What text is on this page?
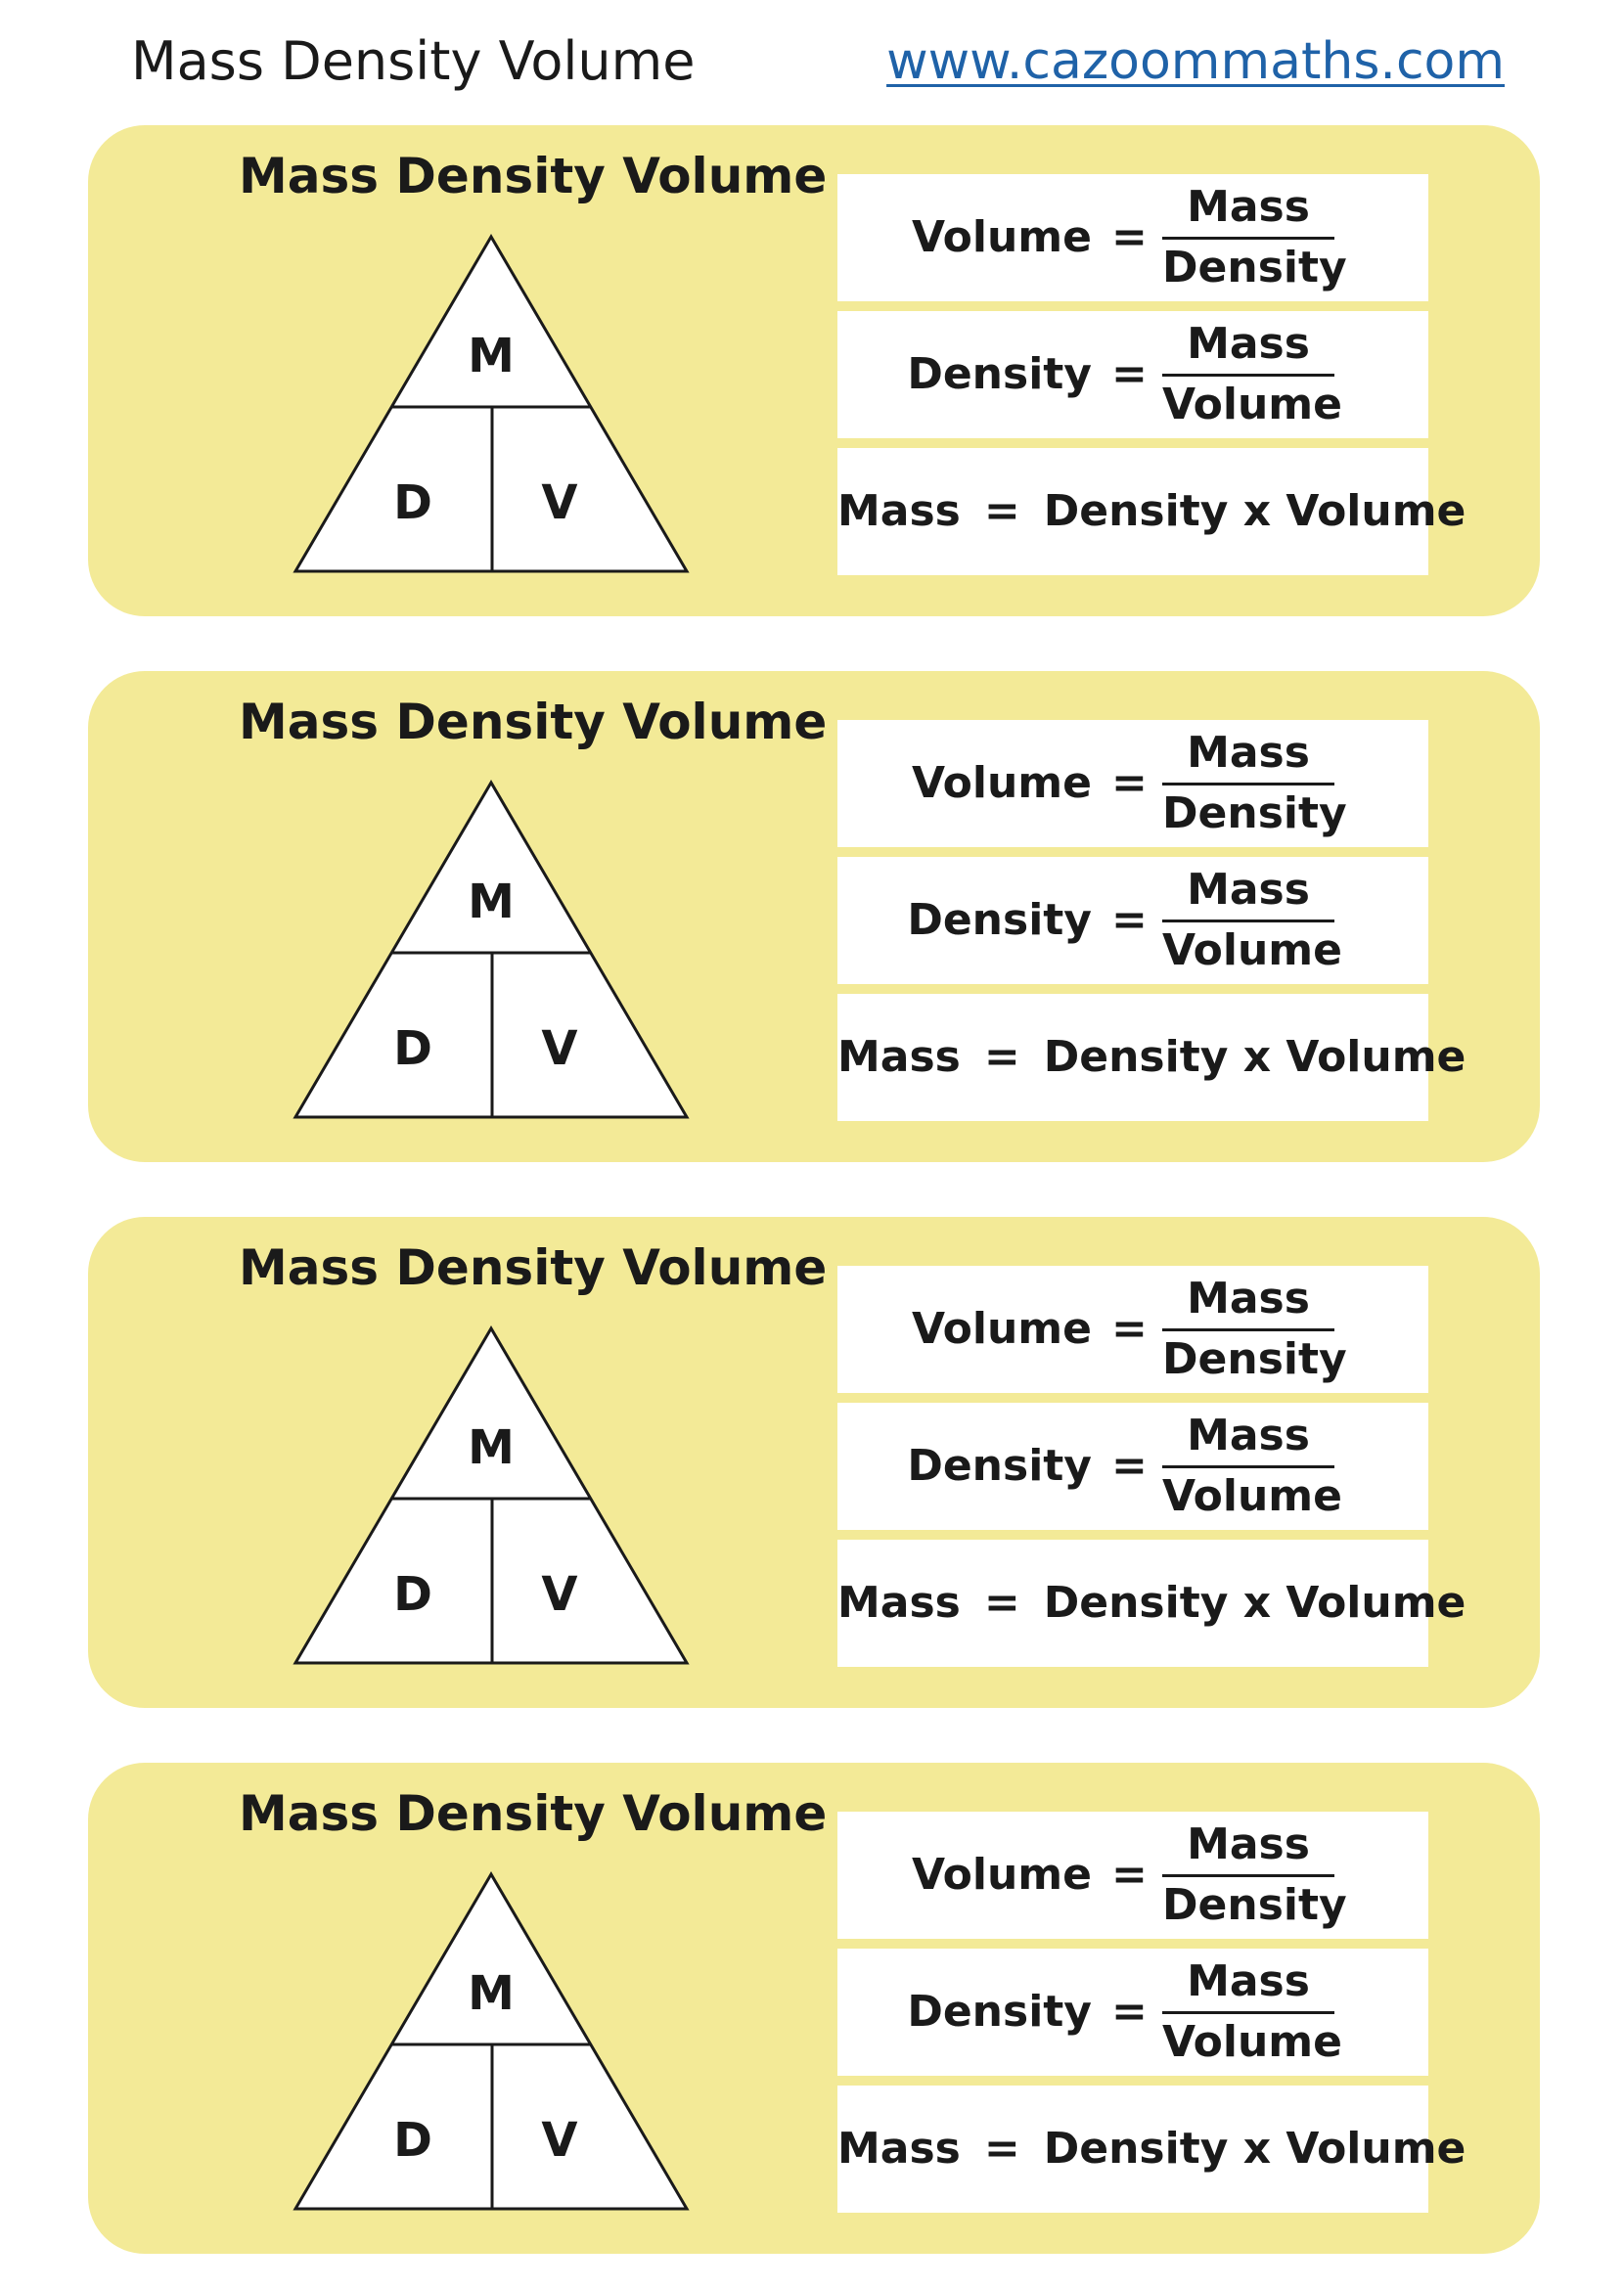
Mass Density Volume	www.cazoommaths.com
Mass Density Volume
M
D V
Volume =
Mass
Density
Density =
Mass
Volume
Mass = Density x Volume
Mass Density Volume
M
D V
Volume =
Mass
Density
Density =
Mass
Volume
Mass = Density x Volume
Mass Density Volume
M
D V
Volume =
Mass
Density
Density =
Mass
Volume
Mass = Density x Volume
Mass Density Volume
M
D V
Volume =
Mass
Density
Density =
Mass
Volume
Mass = Density x Volume
